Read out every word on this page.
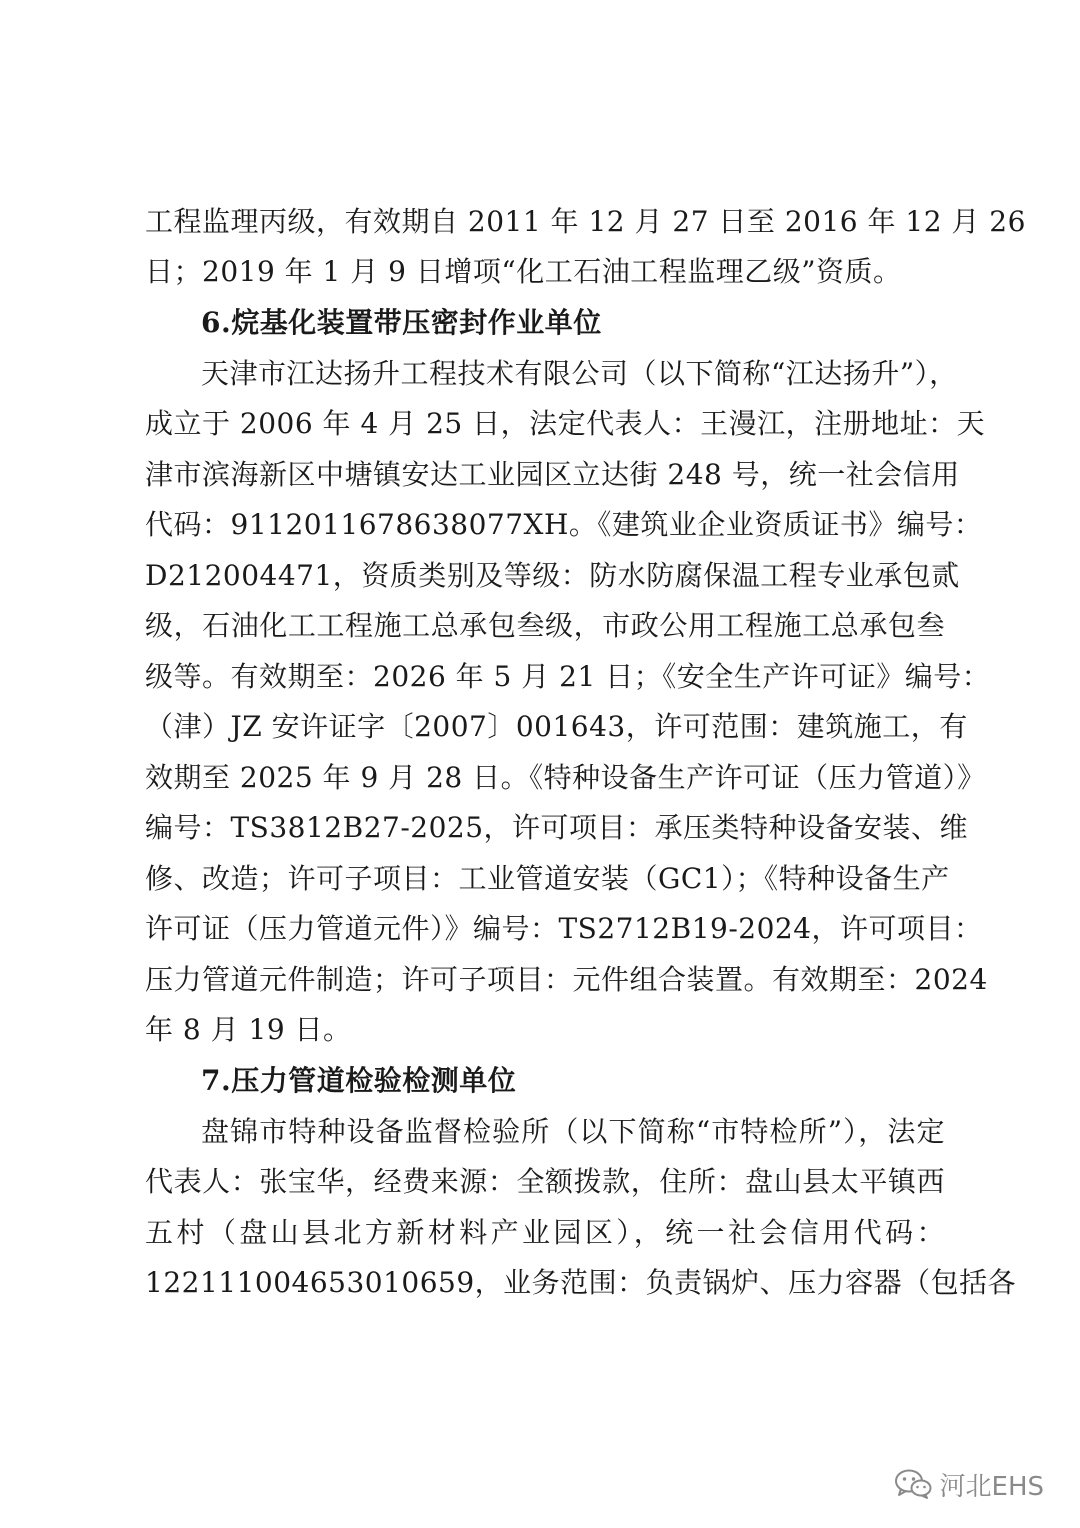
工程监理丙级，有效期自 2011 年 12 月 27 日至 2016 年 12 月 26
日；2019 年 1 月 9 日增项“化工石油工程监理乙级”资质。
6.烷基化装置带压密封作业单位
天津市江达扬升工程技术有限公司（以下简称“江达扬升”），
成立于 2006 年 4 月 25 日，法定代表人：王漫江，注册地址：天
津市滨海新区中塘镇安达工业园区立达街 248 号，统一社会信用
代码：9112011678638077XH。《建筑业企业资质证书》编号：
D212004471，资质类别及等级：防水防腐保温工程专业承包贰
级，石油化工工程施工总承包叁级，市政公用工程施工总承包叁
级等。有效期至：2026 年 5 月 21 日；《安全生产许可证》编号：
（津）JZ 安许证字〔2007〕001643，许可范围：建筑施工，有
效期至 2025 年 9 月 28 日。《特种设备生产许可证（压力管道）》
编号：TS3812B27-2025，许可项目：承压类特种设备安装、维
修、改造；许可子项目：工业管道安装（GC1）；《特种设备生产
许可证（压力管道元件）》编号：TS2712B19-2024，许可项目：
压力管道元件制造；许可子项目：元件组合装置。有效期至：2024
年 8 月 19 日。
7.压力管道检验检测单位
盘锦市特种设备监督检验所（以下简称“市特检所”），法定
代表人：张宝华，经费来源：全额拨款，住所：盘山县太平镇西
五村（盘山县北方新材料产业园区），统一社会信用代码：
122111004653010659，业务范围：负责锅炉、压力容器（包括各
河北EHS
